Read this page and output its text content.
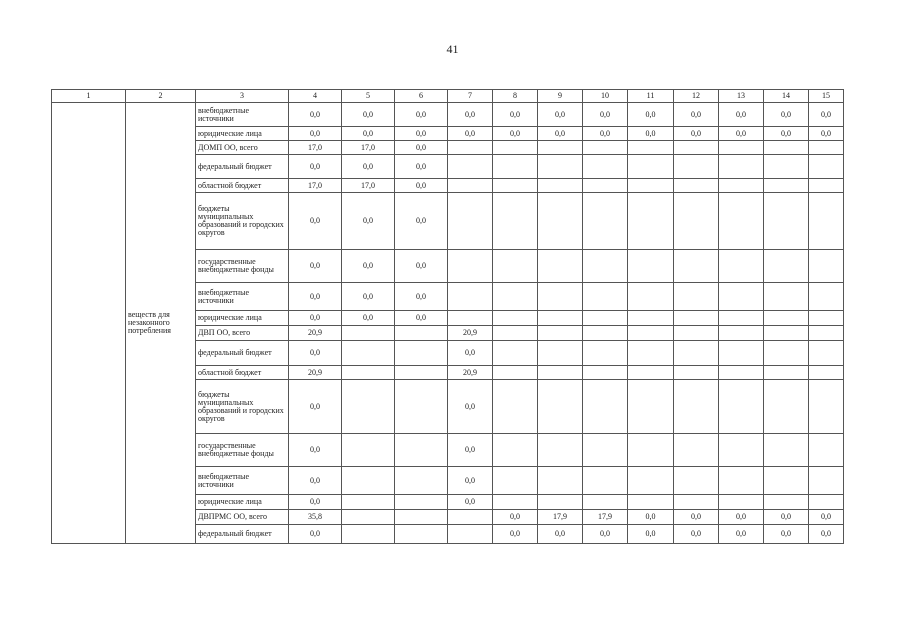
41
1	2	3	4	5	6	7	8	9	10	11	12	13	14	15
	веществ для незаконного потребления	внебюджетные источники	0,0	0,0	0,0	0,0	0,0	0,0	0,0	0,0	0,0	0,0	0,0	0,0
		юридические лица	0,0	0,0	0,0	0,0	0,0	0,0	0,0	0,0	0,0	0,0	0,0	0,0
		ДОМП ОО, всего	17,0	17,0	0,0									
		федеральный бюджет	0,0	0,0	0,0									
		областной бюджет	17,0	17,0	0,0									
		бюджеты муниципальных образований и городских округов	0,0	0,0	0,0									
		государственные внебюджетные фонды	0,0	0,0	0,0									
		внебюджетные источники	0,0	0,0	0,0									
		юридические лица	0,0	0,0	0,0									
		ДВП ОО, всего	20,9			20,9								
		федеральный бюджет	0,0			0,0								
		областной бюджет	20,9			20,9								
		бюджеты муниципальных образований и городских округов	0,0			0,0								
		государственные внебюджетные фонды	0,0			0,0								
		внебюджетные источники	0,0			0,0								
		юридические лица	0,0			0,0								
		ДВПРМС ОО, всего	35,8				0,0	17,9	17,9	0,0	0,0	0,0	0,0	0,0
		федеральный бюджет	0,0				0,0	0,0	0,0	0,0	0,0	0,0	0,0	0,0
